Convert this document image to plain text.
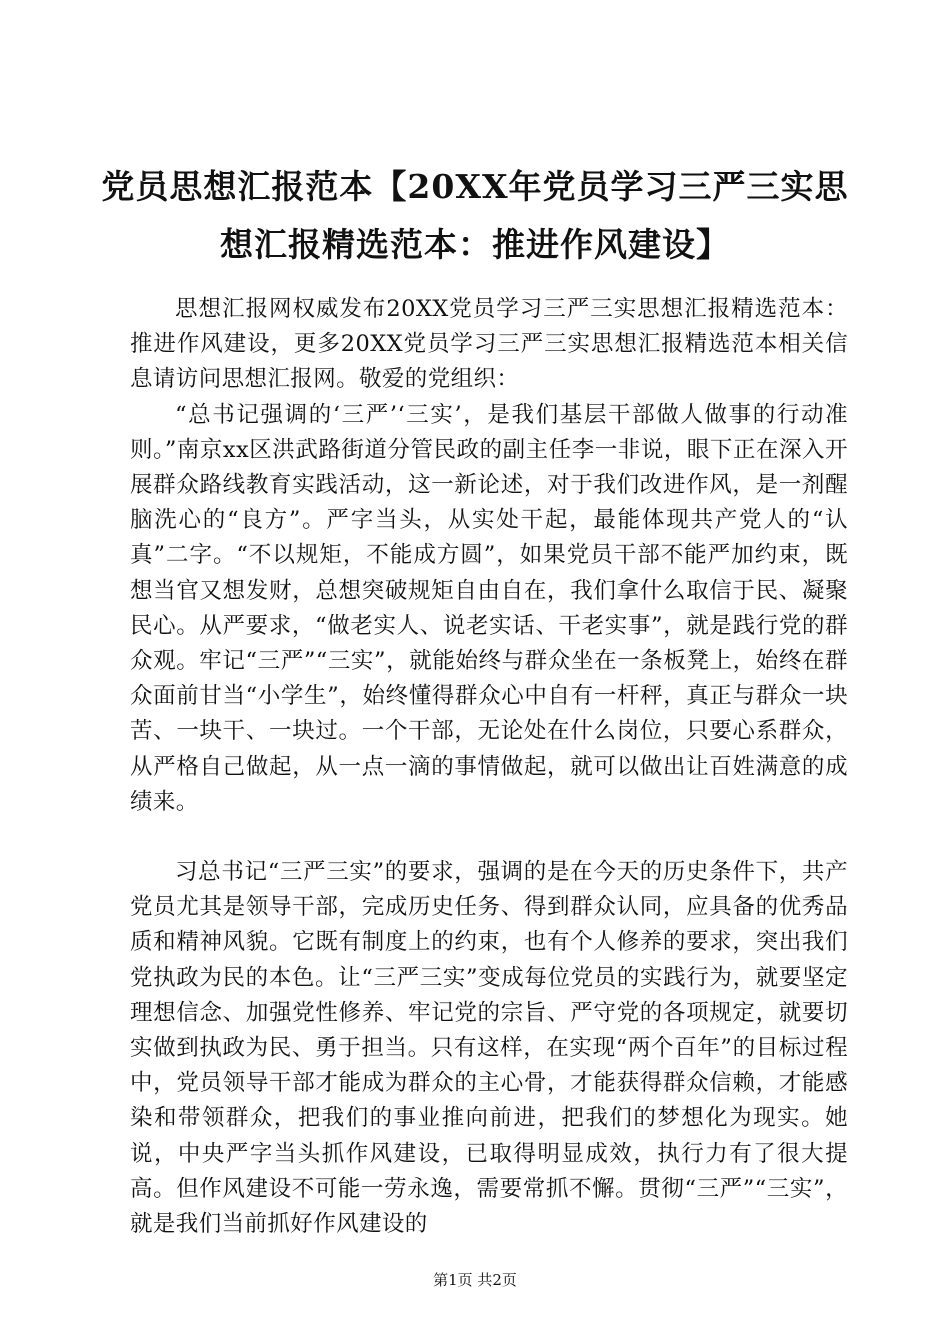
党员思想汇报范本【20XX年党员学习三严三实思想汇报精选范本：推进作风建设】

思想汇报网权威发布20XX党员学习三严三实思想汇报精选范本：推进作风建设，更多20XX党员学习三严三实思想汇报精选范本相关信息请访问思想汇报网。敬爱的党组织：

“总书记强调的‘三严’‘三实’，是我们基层干部做人做事的行动准则。”南京xx区洪武路街道分管民政的副主任李一非说，眼下正在深入开展群众路线教育实践活动，这一新论述，对于我们改进作风，是一剂醒脑洗心的“良方”。严字当头，从实处干起，最能体现共产党人的“认真”二字。“不以规矩，不能成方圆”，如果党员干部不能严加约束，既想当官又想发财，总想突破规矩自由自在，我们拿什么取信于民、凝聚民心。从严要求，“做老实人、说老实话、干老实事”，就是践行党的群众观。牢记“三严”“三实”，就能始终与群众坐在一条板凳上，始终在群众面前甘当“小学生”，始终懂得群众心中自有一杆秤，真正与群众一块苦、一块干、一块过。一个干部，无论处在什么岗位，只要心系群众，从严格自己做起，从一点一滴的事情做起，就可以做出让百姓满意的成绩来。

习总书记“三严三实”的要求，强调的是在今天的历史条件下，共产党员尤其是领导干部，完成历史任务、得到群众认同，应具备的优秀品质和精神风貌。它既有制度上的约束，也有个人修养的要求，突出我们党执政为民的本色。让“三严三实”变成每位党员的实践行为，就要坚定理想信念、加强党性修养、牢记党的宗旨、严守党的各项规定，就要切实做到执政为民、勇于担当。只有这样，在实现“两个百年”的目标过程中，党员领导干部才能成为群众的主心骨，才能获得群众信赖，才能感染和带领群众，把我们的事业推向前进，把我们的梦想化为现实。她说，中央严字当头抓作风建设，已取得明显成效，执行力有了很大提高。但作风建设不可能一劳永逸，需要常抓不懈。贯彻“三严”“三实”，就是我们当前抓好作风建设的

第1页 共2页
